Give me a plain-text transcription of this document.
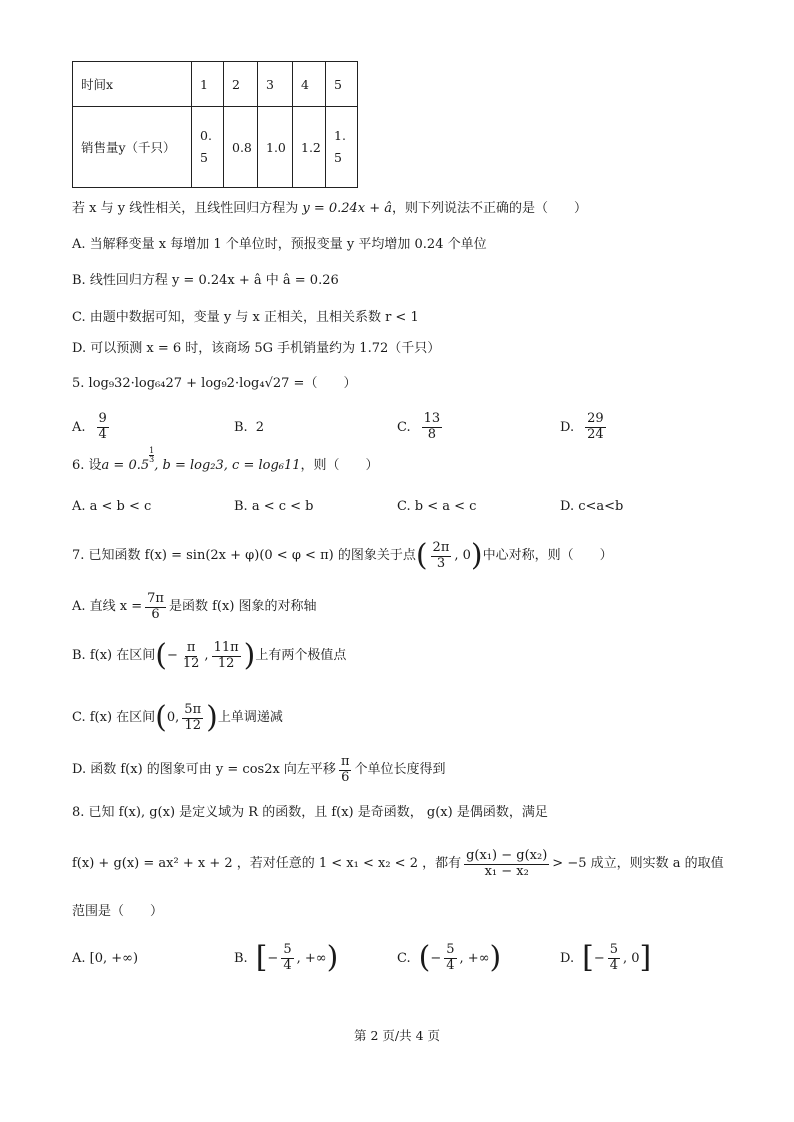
时间x	1	2	3	4	5
销售量y（千只）	0.5	0.8	1.0	1.2	1.5
若 x 与 y 线性相关，且线性回归方程为 y = 0.24x + â，则下列说法不正确的是（　　）
A. 当解释变量 x 每增加 1 个单位时，预报变量 y 平均增加 0.24 个单位
B. 线性回归方程 y = 0.24x + â 中 â = 0.26
C. 由题中数据可知，变量 y 与 x 正相关，且相关系数 r < 1
D. 可以预测 x = 6 时，该商场 5G 手机销量约为 1.72（千只）
5. log₉32·log₆₄27 + log₉2·log₄√27 =（　　）
A. $\frac{9}{4}$	B. 2	C. $\frac{13}{8}$	D. $\frac{29}{24}$
6. 设 a = 0.5
$\frac{1}{3}$
, b = log₂3, c = log₆11 ，则（　　）
A. a < b < c	B. a < c < b	C. b < a < c	D. c<a<b
7. 已知函数 f(x) = sin(2x + φ)(0 < φ < π) 的图象关于点 ( $\frac{2\pi}{3}$ , 0 ) 中心对称，则（　　）
A. 直线 $x = \frac{7\pi}{6}$ 是函数 f(x) 图象的对称轴
B. f(x) 在区间 ( − $\frac{\pi}{12}$ , $\frac{11\pi}{12}$ ) 上有两个极值点
C. f(x) 在区间 ( 0, $\frac{5\pi}{12}$ ) 上单调递减
D. 函数 f(x) 的图象可由 y = cos2x 向左平移 $\frac{\pi}{6}$ 个单位长度得到
8. 已知 f(x), g(x) 是定义域为 R 的函数，且 f(x) 是奇函数， g(x) 是偶函数，满足
f(x) + g(x) = ax² + x + 2 ，若对任意的 1 < x₁ < x₂ < 2 ，都有 $\frac{\text{g(x₁) − g(x₂)}}{\text{x₁ − x₂}} > -5$ 成立，则实数 a 的取值
范围是（　　）
A. [0, +∞)	B. [ − $\frac{5}{4}$ , +∞ )	C. ( − $\frac{5}{4}$ , +∞ )	D. [ − $\frac{5}{4}$ , 0 ]
第 2 页/共 4 页
